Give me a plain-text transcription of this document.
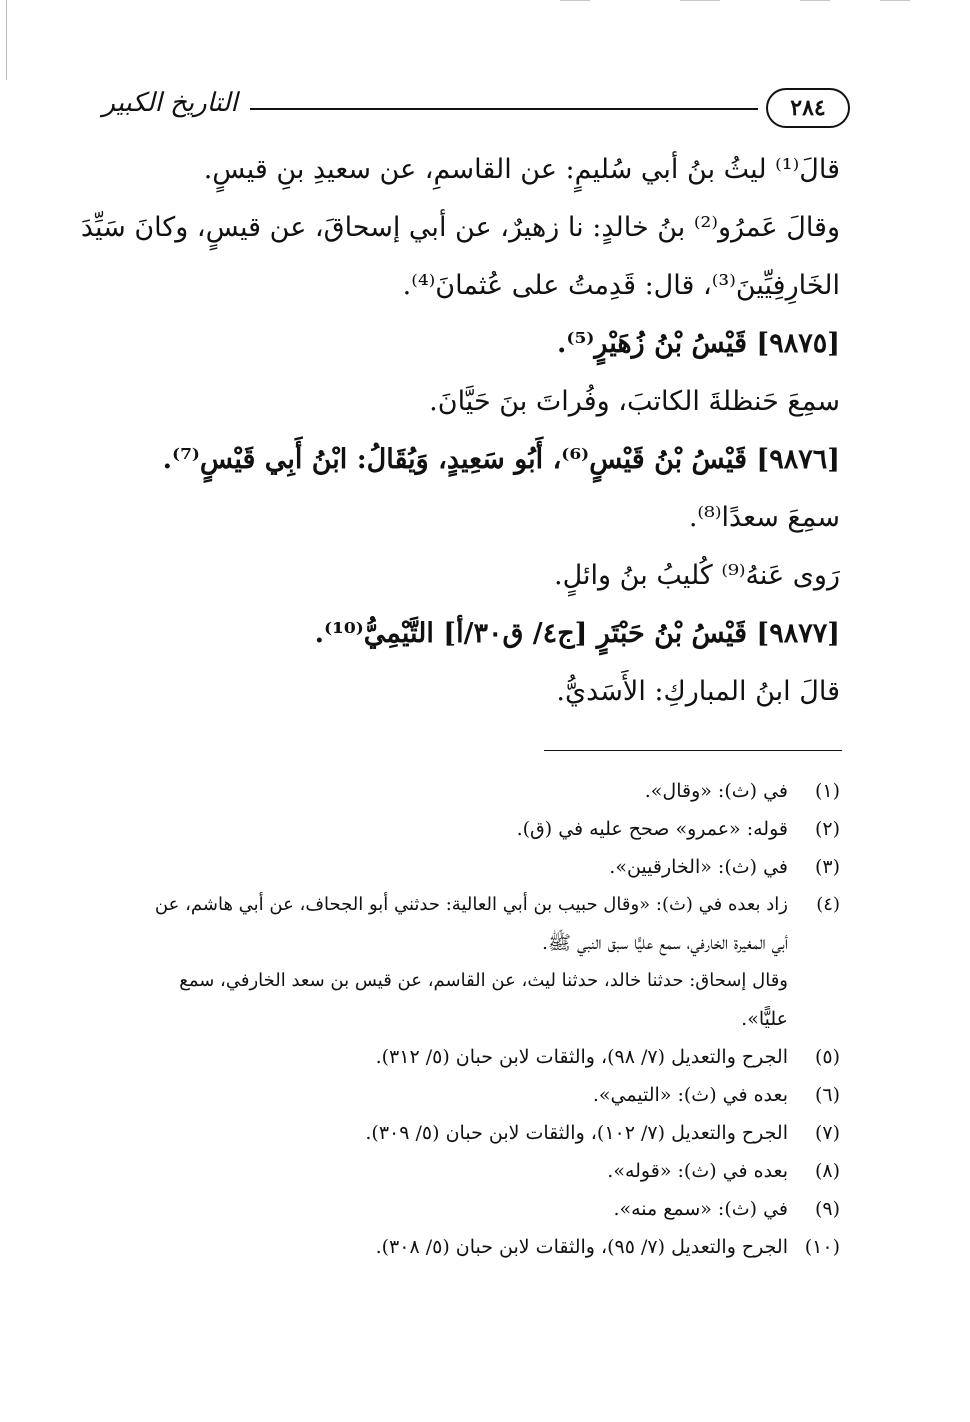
٢٨٤
التاريخ الكبير
قالَ⁽¹⁾ ليثُ بنُ أبي سُليمٍ: عن القاسمِ، عن سعيدِ بنِ قيسٍ.
وقالَ عَمرُو⁽²⁾ بنُ خالدٍ: نا زهيرٌ، عن أبي إسحاقَ، عن قيسٍ، وكانَ سَيِّدَ
الخَارِفِيِّينَ⁽³⁾، قال: قَدِمتُ على عُثمانَ⁽⁴⁾.
[٩٨٧٥] قَيْسُ بْنُ زُهَيْرٍ⁽⁵⁾.
سمِعَ حَنظلةَ الكاتبَ، وفُراتَ بنَ حَيَّانَ.
[٩٨٧٦] قَيْسُ بْنُ قَيْسٍ⁽⁶⁾، أَبُو سَعِيدٍ، وَيُقَالُ: ابْنُ أَبِي قَيْسٍ⁽⁷⁾.
سمِعَ سعدًا⁽⁸⁾.
رَوى عَنهُ⁽⁹⁾ كُليبُ بنُ وائلٍ.
[٩٨٧٧] قَيْسُ بْنُ حَبْتَرٍ [ج٤/ ق٣٠/أ] التَّيْمِيُّ⁽¹⁰⁾.
قالَ ابنُ المباركِ: الأَسَديُّ.
(١)في (ث): «وقال».
(٢)قوله: «عمرو» صحح عليه في (ق).
(٣)في (ث): «الخارقيين».
(٤)زاد بعده في (ث): «وقال حبيب بن أبي العالية: حدثني أبو الجحاف، عن أبي هاشم، عن
أبي المغيرة الخارفي، سمع عليًّا سبق النبي ﷺ.
وقال إسحاق: حدثنا خالد، حدثنا ليث، عن القاسم، عن قيس بن سعد الخارفي، سمع
عليًّا».
(٥)الجرح والتعديل (٧/ ٩٨)، والثقات لابن حبان (٥/ ٣١٢).
(٦)بعده في (ث): «التيمي».
(٧)الجرح والتعديل (٧/ ١٠٢)، والثقات لابن حبان (٥/ ٣٠٩).
(٨)بعده في (ث): «قوله».
(٩)في (ث): «سمع منه».
(١٠)الجرح والتعديل (٧/ ٩٥)، والثقات لابن حبان (٥/ ٣٠٨).
